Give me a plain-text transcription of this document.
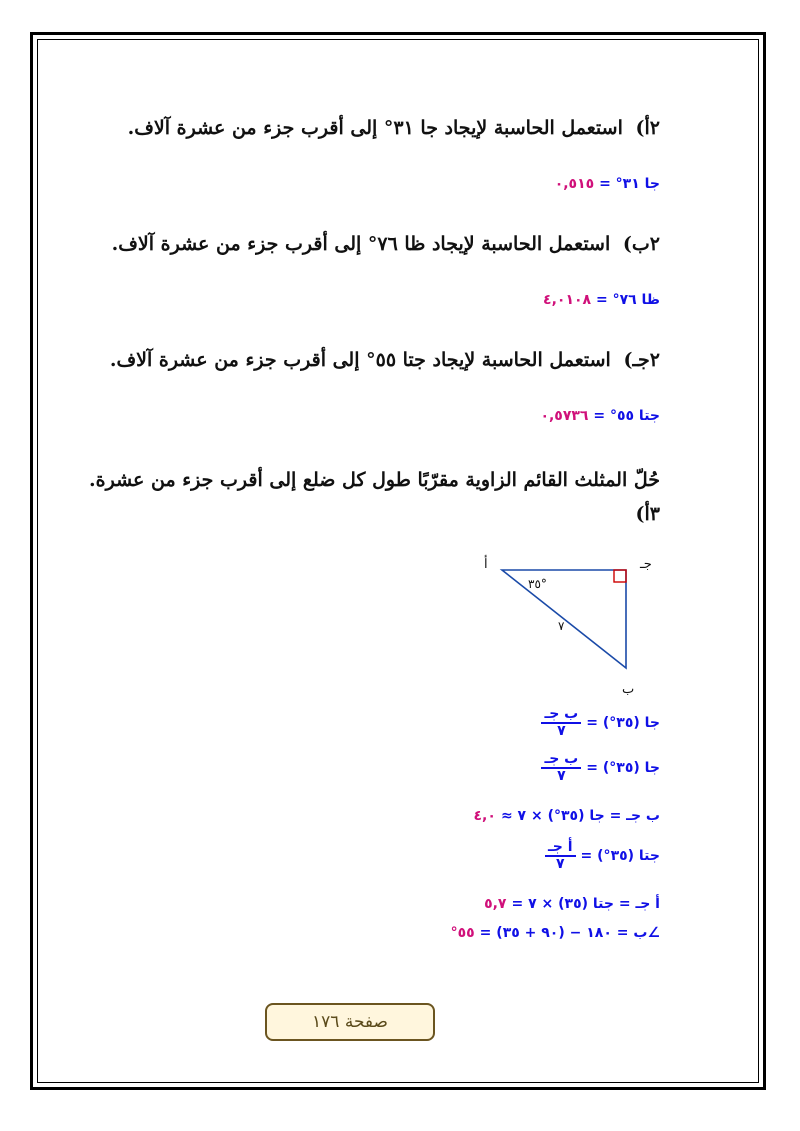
٢أ) استعمل الحاسبة لإيجاد جا ٣١° إلى أقرب جزء من عشرة آلاف.
جا ٣١° = ٠,٥١٥
٢ب) استعمل الحاسبة لإيجاد ظا ٧٦° إلى أقرب جزء من عشرة آلاف.
ظا ٧٦° = ٤,٠١٠٨
٢جـ) استعمل الحاسبة لإيجاد جتا ٥٥° إلى أقرب جزء من عشرة آلاف.
جتا ٥٥° = ٠,٥٧٣٦
حُلّ المثلث القائم الزاوية مقرّبًا طول كل ضلع إلى أقرب جزء من عشرة.
٣أ)
أ	جـ
ب
٣٥°
٧
جا (٣٥°) =
$\frac{\text{ب جـ}}{٧}$
جا (٣٥°) =
$\frac{\text{ب جـ}}{٧}$
ب جـ = جا (٣٥°) × ٧ ≈
٤,٠
جتا (٣٥°) =
$\frac{\text{أ جـ}}{٧}$
أ جـ = جتا (٣٥) × ٧ =
٥,٧
∠ب = ١٨٠ − (٩٠ + ٣٥) =
٥٥°
صفحة ١٧٦
